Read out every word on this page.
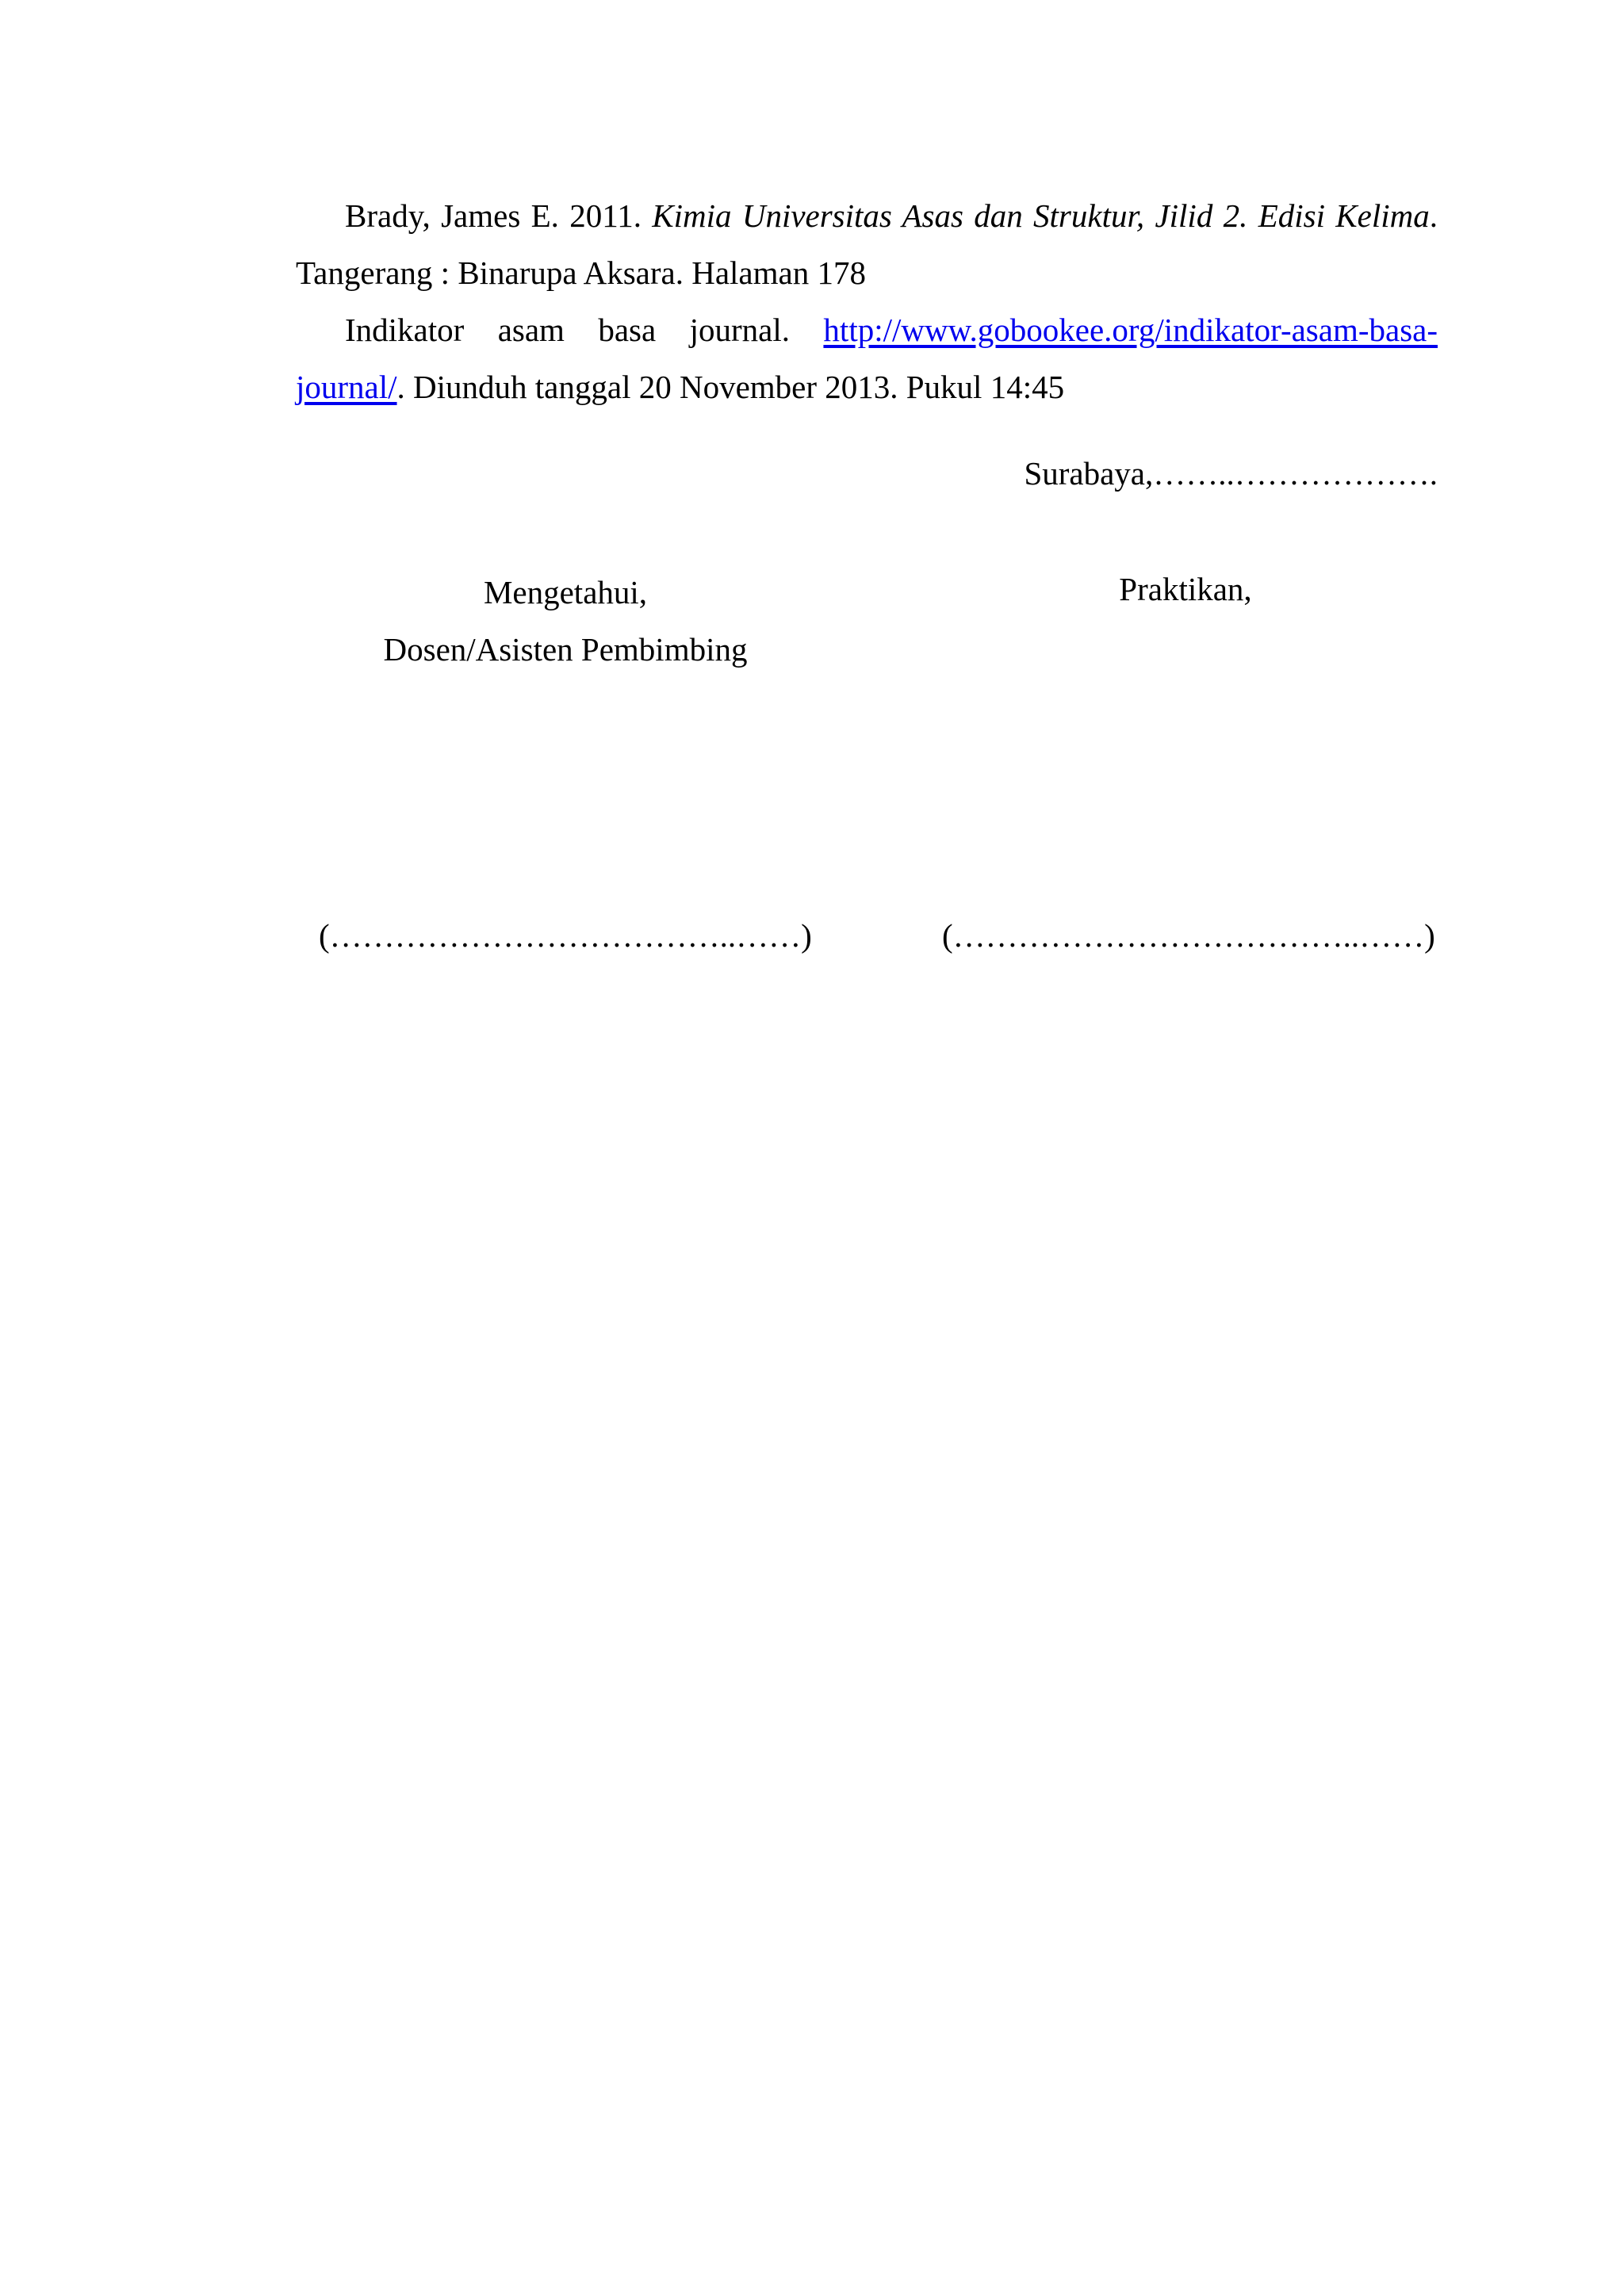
Brady, James E. 2011. Kimia Universitas Asas dan Struktur, Jilid 2. Edisi Kelima. Tangerang : Binarupa Aksara. Halaman 178

Indikator asam basa journal. http://www.gobookee.org/indikator-asam-basa-journal/. Diunduh tanggal 20 November 2013. Pukul 14:45

Surabaya,……..……………….
Mengetahui,
Dosen/Asisten Pembimbing
Praktikan,
(………………………………..……)	(………………………………..……)
